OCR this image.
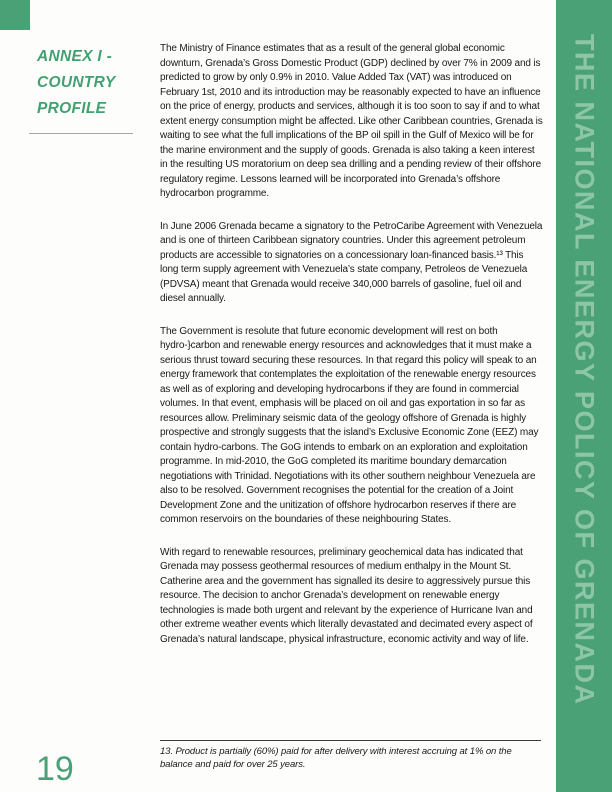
ANNEX I -
COUNTRY
PROFILE

The Ministry of Finance estimates that as a result of the general global economic downturn, Grenada’s Gross Domestic Product (GDP) declined by over 7% in 2009 and is predicted to grow by only 0.9% in 2010. Value Added Tax (VAT) was introduced on February 1st, 2010 and its introduction may be reasonably expected to have an influence on the price of energy, products and services, although it is too soon to say if and to what extent energy consumption might be affected. Like other Caribbean countries, Grenada is waiting to see what the full implications of the BP oil spill in the Gulf of Mexico will be for the marine environment and the supply of goods. Grenada is also taking a keen interest in the resulting US moratorium on deep sea drilling and a pending review of their offshore regulatory regime. Lessons learned will be incorporated into Grenada’s offshore hydrocarbon programme.

In June 2006 Grenada became a signatory to the PetroCaribe Agreement with Venezuela and is one of thirteen Caribbean signatory countries. Under this agreement petroleum products are accessible to signatories on a concessionary loan-financed basis.¹³ This long term supply agreement with Venezuela’s state company, Petroleos de Venezuela (PDVSA) meant that Grenada would receive 340,000 barrels of gasoline, fuel oil and diesel annually.

The Government is resolute that future economic development will rest on both hydro-}carbon and renewable energy resources and acknowledges that it must make a serious thrust toward securing these resources. In that regard this policy will speak to an energy framework that contemplates the exploitation of the renewable energy resources as well as of exploring and developing hydrocarbons if they are found in commercial volumes. In that event, emphasis will be placed on oil and gas exportation in so far as resources allow. Preliminary seismic data of the geology offshore of Grenada is highly prospective and strongly suggests that the island’s Exclusive Economic Zone (EEZ) may contain hydro-carbons. The GoG intends to embark on an exploration and exploitation programme. In mid-2010, the GoG completed its maritime boundary demarcation negotiations with Trinidad. Negotiations with its other southern neighbour Venezuela are also to be resolved. Government recognises the potential for the creation of a Joint Development Zone and the unitization of offshore hydrocarbon reserves if there are common reservoirs on the boundaries of these neighbouring States.

With regard to renewable resources, preliminary geochemical data has indicated that Grenada may possess geothermal resources of medium enthalpy in the Mount St. Catherine area and the government has signalled its desire to aggressively pursue this resource. The decision to anchor Grenada’s development on renewable energy technologies is made both urgent and relevant by the experience of Hurricane Ivan and other extreme weather events which literally devastated and decimated every aspect of Grenada’s natural landscape, physical infrastructure, economic activity and way of life.

13. Product is partially (60%) paid for after delivery with interest accruing at 1% on the balance and paid for over 25 years.
19
THE NATIONAL ENERGY POLICY OF GRENADA
